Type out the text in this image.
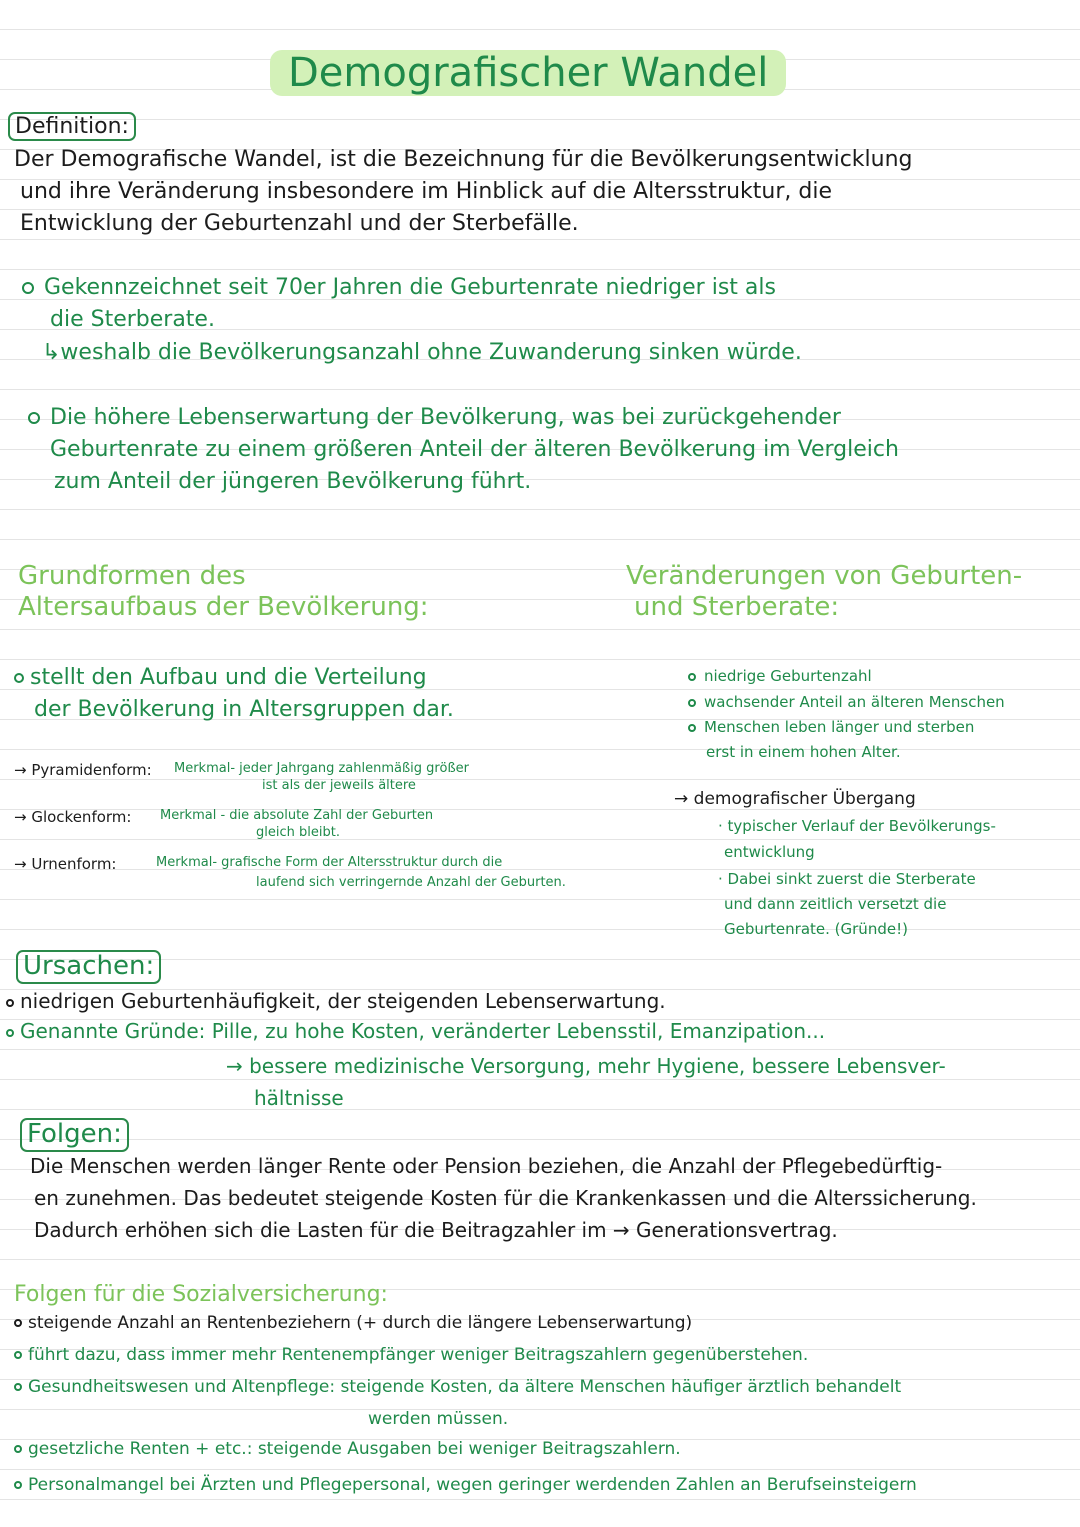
Demografischer Wandel
Definition:
Der Demografische Wandel, ist die Bezeichnung für die Bevölkerungsentwicklung
und ihre Veränderung insbesondere im Hinblick auf die Altersstruktur, die
Entwicklung der Geburtenzahl und der Sterbefälle.
Gekennzeichnet seit 70er Jahren die Geburtenrate niedriger ist als
die Sterberate.
↳weshalb die Bevölkerungsanzahl ohne Zuwanderung sinken würde.
Die höhere Lebenserwartung der Bevölkerung, was bei zurückgehender
Geburtenrate zu einem größeren Anteil der älteren Bevölkerung im Vergleich
zum Anteil der jüngeren Bevölkerung führt.
Grundformen des
Altersaufbaus der Bevölkerung:
Veränderungen von Geburten-
und Sterberate:
stellt den Aufbau und die Verteilung
der Bevölkerung in Altersgruppen dar.
→ Pyramidenform: Merkmal- jeder Jahrgang zahlenmäßig größer
ist als der jeweils ältere
→ Glockenform: Merkmal - die absolute Zahl der Geburten
gleich bleibt.
→ Urnenform:	Merkmal- grafische Form der Altersstruktur durch die
laufend sich verringernde Anzahl der Geburten.
niedrige Geburtenzahl
wachsender Anteil an älteren Menschen
Menschen leben länger und sterben
erst in einem hohen Alter.
→ demografischer Übergang
· typischer Verlauf der Bevölkerungs-
entwicklung
· Dabei sinkt zuerst die Sterberate
und dann zeitlich versetzt die
Geburtenrate. (Gründe!)
Ursachen:
niedrigen Geburtenhäufigkeit, der steigenden Lebenserwartung.
Genannte Gründe: Pille, zu hohe Kosten, veränderter Lebensstil, Emanzipation...
→ bessere medizinische Versorgung, mehr Hygiene, bessere Lebensver-
hältnisse
Folgen:
Die Menschen werden länger Rente oder Pension beziehen, die Anzahl der Pflegebedürftig-
en zunehmen. Das bedeutet steigende Kosten für die Krankenkassen und die Alterssicherung.
Dadurch erhöhen sich die Lasten für die Beitragzahler im → Generationsvertrag.
Folgen für die Sozialversicherung:
steigende Anzahl an Rentenbeziehern (+ durch die längere Lebenserwartung)
führt dazu, dass immer mehr Rentenempfänger weniger Beitragszahlern gegenüberstehen.
Gesundheitswesen und Altenpflege: steigende Kosten, da ältere Menschen häufiger ärztlich behandelt
werden müssen.
gesetzliche Renten + etc.: steigende Ausgaben bei weniger Beitragszahlern.
Personalmangel bei Ärzten und Pflegepersonal, wegen geringer werdenden Zahlen an Berufseinsteigern
